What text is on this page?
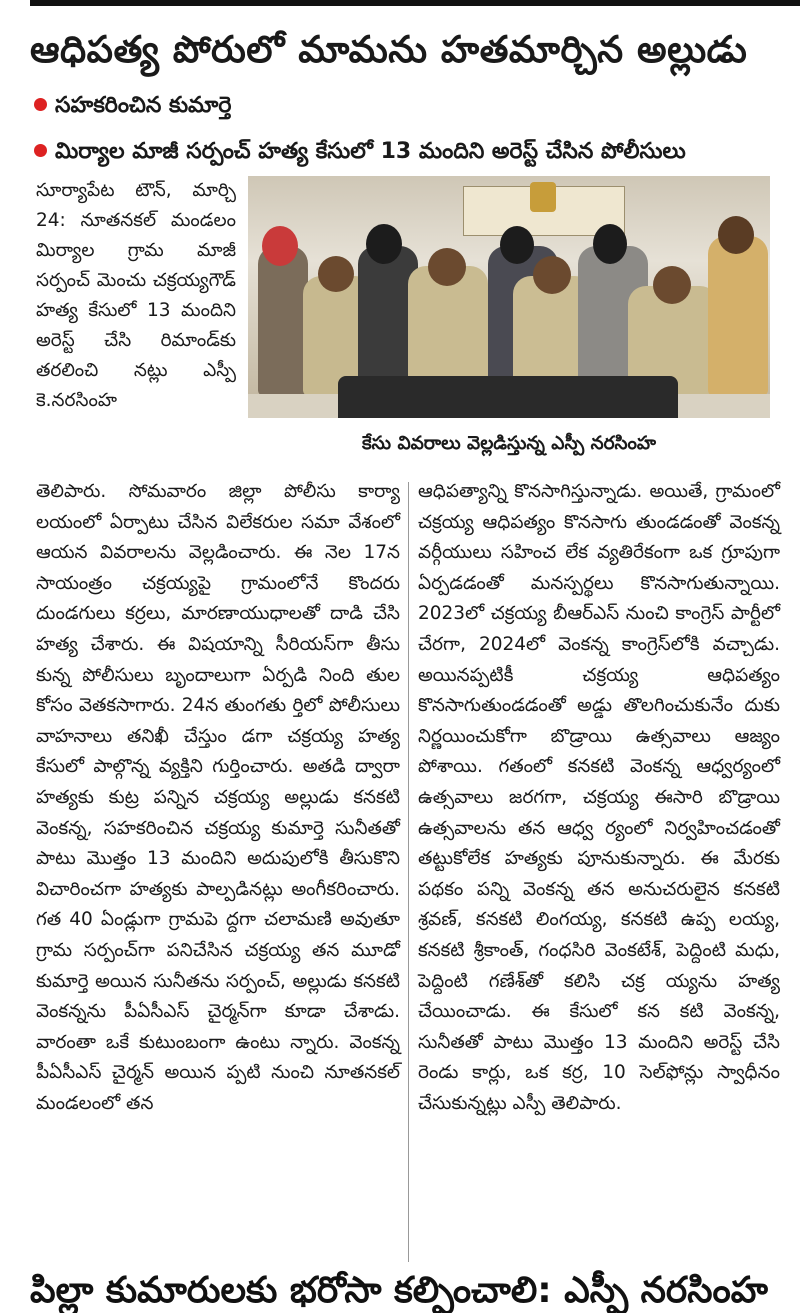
ఆధిపత్య పోరులో మామను హతమార్చిన అల్లుడు
సహకరించిన కుమార్తె
మిర్యాల మాజీ సర్పంచ్ హత్య కేసులో 13 మందిని అరెస్ట్ చేసిన పోలీసులు

సూర్యాపేట టౌన్, మార్చి 24: నూతనకల్ మండలం మిర్యాల గ్రామ మాజీ సర్పంచ్ మెంచు చక్రయ్యగౌడ్ హత్య కేసులో 13 మందిని అరెస్ట్ చేసి రిమాండ్‌కు తరలించి నట్లు ఎస్పీ కె.నరసింహ

కేసు వివరాలు వెల్లడిస్తున్న ఎస్పీ నరసింహ

తెలిపారు. సోమవారం జిల్లా పోలీసు కార్యా లయంలో ఏర్పాటు చేసిన విలేకరుల సమా వేశంలో ఆయన వివరాలను వెల్లడించారు. ఈ నెల 17న సాయంత్రం చక్రయ్యపై గ్రామంలోనే కొందరు దుండగులు కర్రలు, మారణాయుధాలతో దాడి చేసి హత్య చేశారు. ఈ విషయాన్ని సీరియస్‌గా తీసు కున్న పోలీసులు బృందాలుగా ఏర్పడి నింది తుల కోసం వెతకసాగారు. 24న తుంగతు ర్తిలో పోలీసులు వాహనాలు తనిఖీ చేస్తుం డగా చక్రయ్య హత్య కేసులో పాల్గొన్న వ్యక్తిని గుర్తించారు. అతడి ద్వారా హత్యకు కుట్ర పన్నిన చక్రయ్య అల్లుడు కనకటి వెంకన్న, సహకరించిన చక్రయ్య కుమార్తె సునీతతో పాటు మొత్తం 13 మందిని అదుపులోకి తీసుకొని విచారించగా హత్యకు పాల్పడినట్లు అంగీకరించారు. గత 40 ఏండ్లుగా గ్రామపె ద్దగా చలామణి అవుతూ గ్రామ సర్పంచ్‌గా పనిచేసిన చక్రయ్య తన మూడో కుమార్తె అయిన సునీతను సర్పంచ్, అల్లుడు కనకటి వెంకన్నను పీఏసీఎస్ చైర్మన్‌గా కూడా చేశాడు. వారంతా ఒకే కుటుంబంగా ఉంటు న్నారు. వెంకన్న పీఏసీఎస్ చైర్మన్ అయిన ప్పటి నుంచి నూతనకల్ మండలంలో తన

ఆధిపత్యాన్ని కొనసాగిస్తున్నాడు. అయితే, గ్రామంలో చక్రయ్య ఆధిపత్యం కొనసాగు తుండడంతో వెంకన్న వర్గీయులు సహించ లేక వ్యతిరేకంగా ఒక గ్రూపుగా ఏర్పడడంతో మనస్పర్థలు కొనసాగుతున్నాయి. 2023లో చక్రయ్య బీఆర్ఎస్ నుంచి కాంగ్రెస్ పార్టీలో చేరగా, 2024లో వెంకన్న కాంగ్రెస్‌లోకి వచ్చాడు. అయినప్పటికీ చక్రయ్య ఆధిపత్యం కొనసాగుతుండడంతో అడ్డు తొలగించుకునేం దుకు నిర్ణయించుకోగా బొడ్రాయి ఉత్సవాలు ఆజ్యం పోశాయి. గతంలో కనకటి వెంకన్న ఆధ్వర్యంలో ఉత్సవాలు జరగగా, చక్రయ్య ఈసారి బొడ్రాయి ఉత్సవాలను తన ఆధ్వ ర్యంలో నిర్వహించడంతో తట్టుకోలేక హత్యకు పూనుకున్నారు. ఈ మేరకు పథకం పన్ని వెంకన్న తన అనుచరులైన కనకటి శ్రవణ్, కనకటి లింగయ్య, కనకటి ఉప్ప లయ్య, కనకటి శ్రీకాంత్, గంధసిరి వెంకటేశ్, పెద్దింటి మధు, పెద్దింటి గణేశ్‌తో కలిసి చక్ర య్యను హత్య చేయించాడు. ఈ కేసులో కన కటి వెంకన్న, సునీతతో పాటు మొత్తం 13 మందిని అరెస్ట్ చేసి రెండు కార్లు, ఒక కర్ర, 10 సెల్‌ఫోన్లు స్వాధీనం చేసుకున్నట్లు ఎస్పీ తెలిపారు.

పిల్లా కుమారులకు భరోసా కల్పించాలి: ఎస్పీ నరసింహ
